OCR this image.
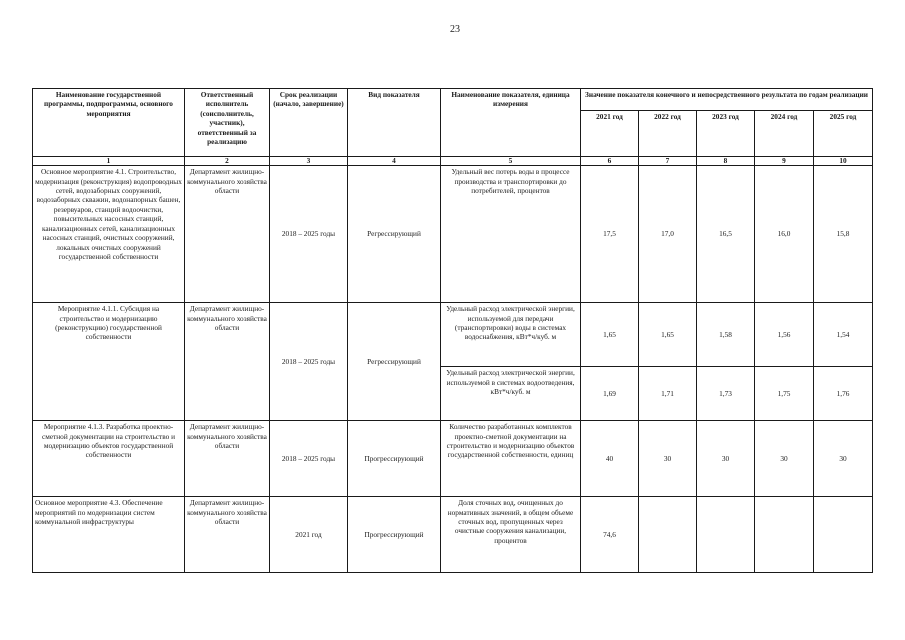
23
Наименование государственной программы, подпрограммы, основного мероприятия	Ответственный исполнитель (соисполнитель, участник), ответственный за реализацию	Срок реализации (начало, завершение)	Вид показателя	Наименование показателя, единица измерения	Значение показателя конечного и непосредственного результата по годам реализации				
					2021 год	2022 год	2023 год	2024 год	2025 год
1	2	3	4	5	6	7	8	9	10
Основное мероприятие 4.1. Строительство, модернизация (реконструкция) водопроводных сетей, водозаборных сооружений, водозаборных скважин, водонапорных башен, резервуаров, станций водоочистки, повысительных насосных станций, канализационных сетей, канализационных насосных станций, очистных сооружений, локальных очистных сооружений государственной собственности	Департамент жилищно-коммунального хозяйства области	2018 – 2025 годы	Регрессирующий	Удельный вес потерь воды в процессе производства и транспортировки до потребителей, процентов	17,5	17,0	16,5	16,0	15,8
Мероприятие 4.1.1. Субсидия на строительство и модернизацию (реконструкцию) государственной собственности	Департамент жилищно-коммунального хозяйства области	2018 – 2025 годы	Регрессирующий	Удельный расход электрической энергии, используемой для передачи (транспортировки) воды в системах водоснабжения, кВт*ч/куб. м	1,65	1,65	1,58	1,56	1,54
				Удельный расход электрической энергии, используемой в системах водоотведения, кВт*ч/куб. м	1,69	1,71	1,73	1,75	1,76
Мероприятие 4.1.3. Разработка проектно-сметной документации на строительство и модернизацию объектов государственной собственности	Департамент жилищно-коммунального хозяйства области	2018 – 2025 годы	Прогрессирующий	Количество разработанных комплектов проектно-сметной документации на строительство и модернизацию объектов государственной собственности, единиц	40	30	30	30	30
Основное мероприятие 4.3. Обеспечение мероприятий по модернизации систем коммунальной инфраструктуры	Департамент жилищно-коммунального хозяйства области	2021 год	Прогрессирующий	Доля сточных вод, очищенных до нормативных значений, в общем объеме сточных вод, пропущенных через очистные сооружения канализации, процентов	74,6				
